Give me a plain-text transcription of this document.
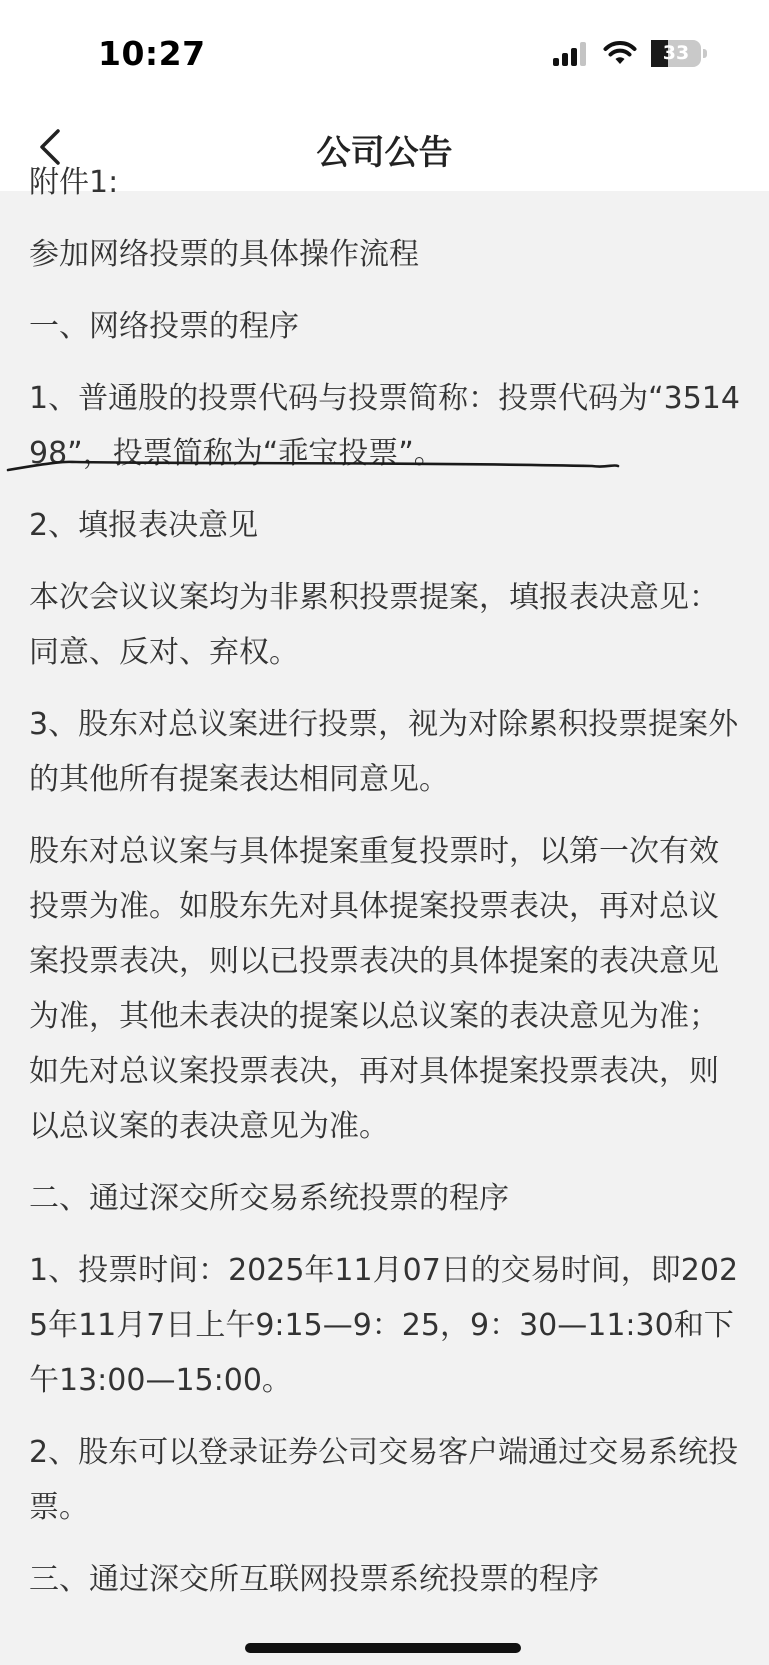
10:27	33
公司公告

附件1:

参加网络投票的具体操作流程

一、网络投票的程序

1、普通股的投票代码与投票简称：投票代码为“351498”，投票简称为“乖宝投票”。

2、填报表决意见

本次会议议案均为非累积投票提案，填报表决意见：同意、反对、弃权。

3、股东对总议案进行投票，视为对除累积投票提案外的其他所有提案表达相同意见。

股东对总议案与具体提案重复投票时，以第一次有效投票为准。如股东先对具体提案投票表决，再对总议案投票表决，则以已投票表决的具体提案的表决意见为准，其他未表决的提案以总议案的表决意见为准；如先对总议案投票表决，再对具体提案投票表决，则以总议案的表决意见为准。

二、通过深交所交易系统投票的程序

1、投票时间：2025年11月07日的交易时间，即2025年11月7日上午9:15—9：25，9：30—11:30和下午13:00—15:00。

2、股东可以登录证券公司交易客户端通过交易系统投票。

三、通过深交所互联网投票系统投票的程序
